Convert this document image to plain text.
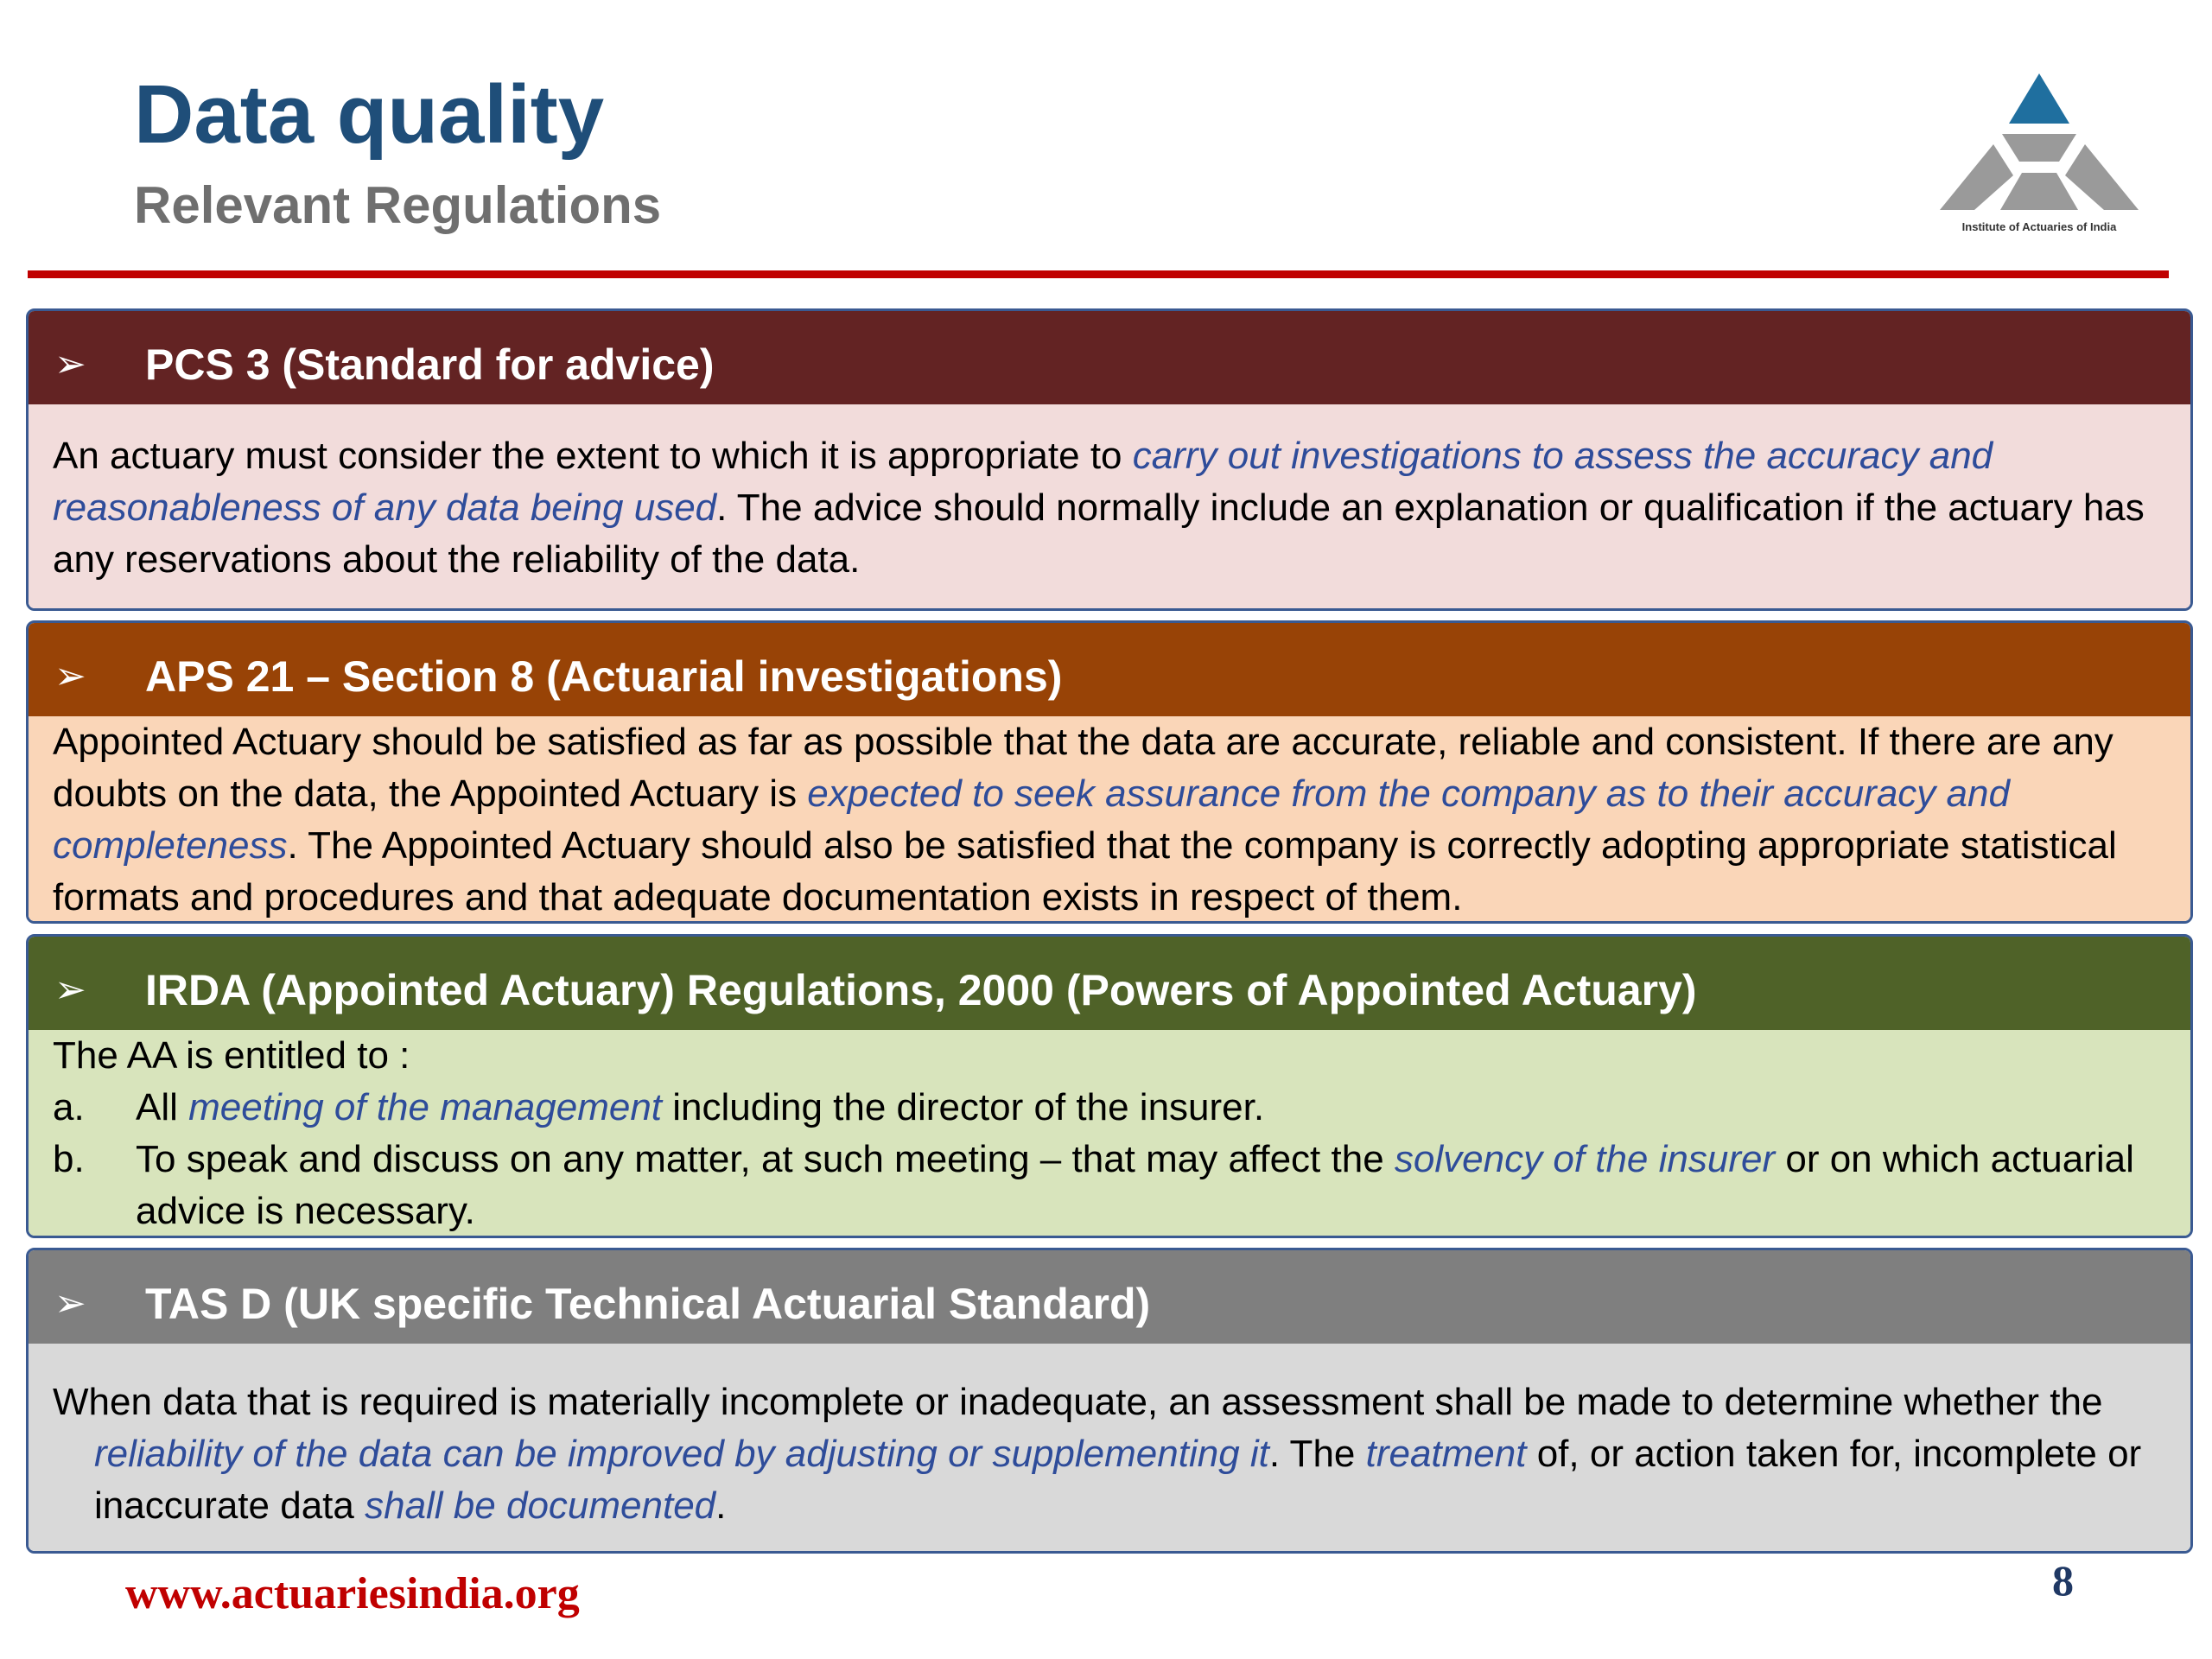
Data quality
Relevant Regulations	Institute of Actuaries of India
➢ PCS 3 (Standard for advice)
An actuary must consider the extent to which it is appropriate to carry out investigations to assess the accuracy and reasonableness of any data being used. The advice should normally include an explanation or qualification if the actuary has any reservations about the reliability of the data.
➢ APS 21 – Section 8 (Actuarial investigations)
Appointed Actuary should be satisfied as far as possible that the data are accurate, reliable and consistent. If there are any doubts on the data, the Appointed Actuary is expected to seek assurance from the company as to their accuracy and completeness. The Appointed Actuary should also be satisfied that the company is correctly adopting appropriate statistical formats and procedures and that adequate documentation exists in respect of them.
➢ IRDA (Appointed Actuary) Regulations, 2000 (Powers of Appointed Actuary)
The AA is entitled to :
a. All meeting of the management including the director of the insurer.
b. To speak and discuss on any matter, at such meeting – that may affect the solvency of the insurer or on which actuarial advice is necessary.
➢ TAS D (UK specific Technical Actuarial Standard)
When data that is required is materially incomplete or inadequate, an assessment shall be made to determine whether the reliability of the data can be improved by adjusting or supplementing it. The treatment of, or action taken for, incomplete or inaccurate data shall be documented.
www.actuariesindia.org	8
